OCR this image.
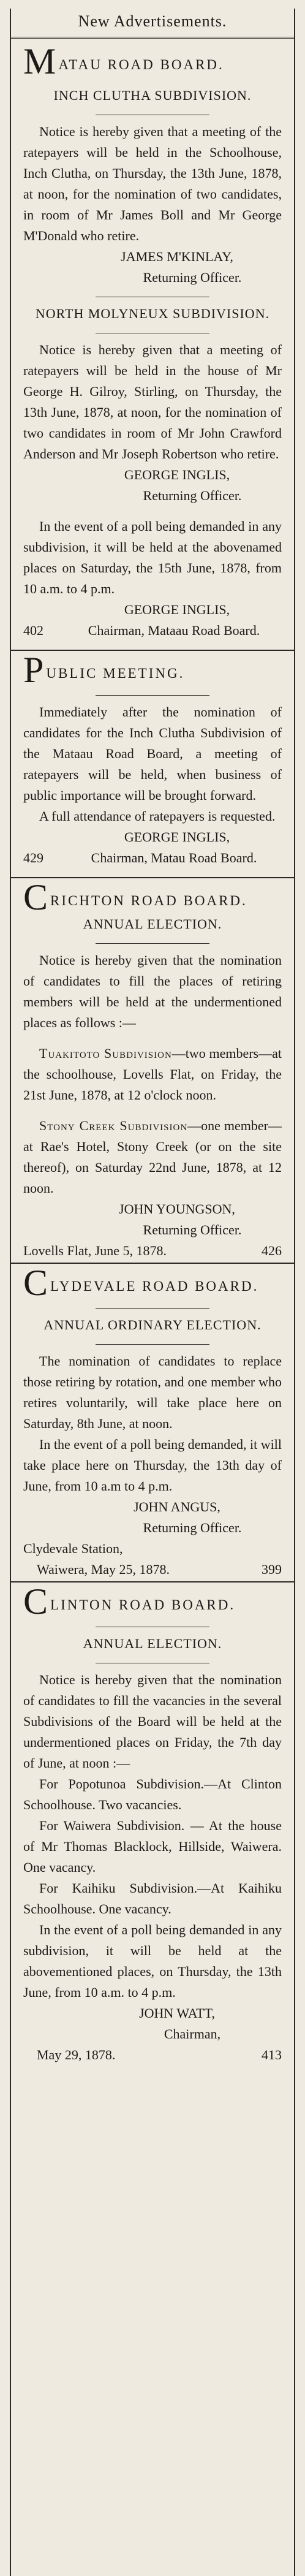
New Advertisements.
M ATAU ROAD BOARD.
INCH CLUTHA SUBDIVISION.

Notice is hereby given that a meeting of the ratepayers will be held in the Schoolhouse, Inch Clutha, on Thursday, the 13th June, 1878, at noon, for the nomination of two candidates, in room of Mr James Boll and Mr George M'Donald who retire.

JAMES M'KINLAY,
Returning Officer.
NORTH MOLYNEUX SUBDIVISION.

Notice is hereby given that a meeting of ratepayers will be held in the house of Mr George H. Gilroy, Stirling, on Thursday, the 13th June, 1878, at noon, for the nomination of two candidates in room of Mr John Crawford Anderson and Mr Joseph Robertson who retire.

GEORGE INGLIS,
Returning Officer.

In the event of a poll being demanded in any subdivision, it will be held at the abovenamed places on Saturday, the 15th June, 1878, from 10 a.m. to 4 p.m.

GEORGE INGLIS,
402	Chairman, Mataau Road Board.
P UBLIC MEETING.

Immediately after the nomination of candidates for the Inch Clutha Subdivision of the Mataau Road Board, a meeting of ratepayers will be held, when business of public importance will be brought forward.

A full attendance of ratepayers is requested.

GEORGE INGLIS,
429	Chairman, Matau Road Board.
C RICHTON ROAD BOARD.
ANNUAL ELECTION.

Notice is hereby given that the nomination of candidates to fill the places of retiring members will be held at the undermentioned places as follows :—

Tuakitoto Subdivision—two members—at the schoolhouse, Lovells Flat, on Friday, the 21st June, 1878, at 12 o'clock noon.

Stony Creek Subdivision—one member—at Rae's Hotel, Stony Creek (or on the site thereof), on Saturday 22nd June, 1878, at 12 noon.

JOHN YOUNGSON,
Returning Officer.
Lovells Flat, June 5, 1878.	426
C LYDEVALE ROAD BOARD.
ANNUAL ORDINARY ELECTION.

The nomination of candidates to replace those retiring by rotation, and one member who retires voluntarily, will take place here on Saturday, 8th June, at noon.

In the event of a poll being demanded, it will take place here on Thursday, the 13th day of June, from 10 a.m to 4 p.m.

JOHN ANGUS,
Returning Officer.
Clydevale Station,
Waiwera, May 25, 1878.	399
C LINTON ROAD BOARD.
ANNUAL ELECTION.

Notice is hereby given that the nomination of candidates to fill the vacancies in the several Subdivisions of the Board will be held at the undermentioned places on Friday, the 7th day of June, at noon :—

For Popotunoa Subdivision.—At Clinton Schoolhouse. Two vacancies.

For Waiwera Subdivision. — At the house of Mr Thomas Blacklock, Hillside, Waiwera. One vacancy.

For Kaihiku Subdivision.—At Kaihiku Schoolhouse. One vacancy.

In the event of a poll being demanded in any subdivision, it will be held at the abovementioned places, on Thursday, the 13th June, from 10 a.m. to 4 p.m.

JOHN WATT,
Chairman,
May 29, 1878.	413
